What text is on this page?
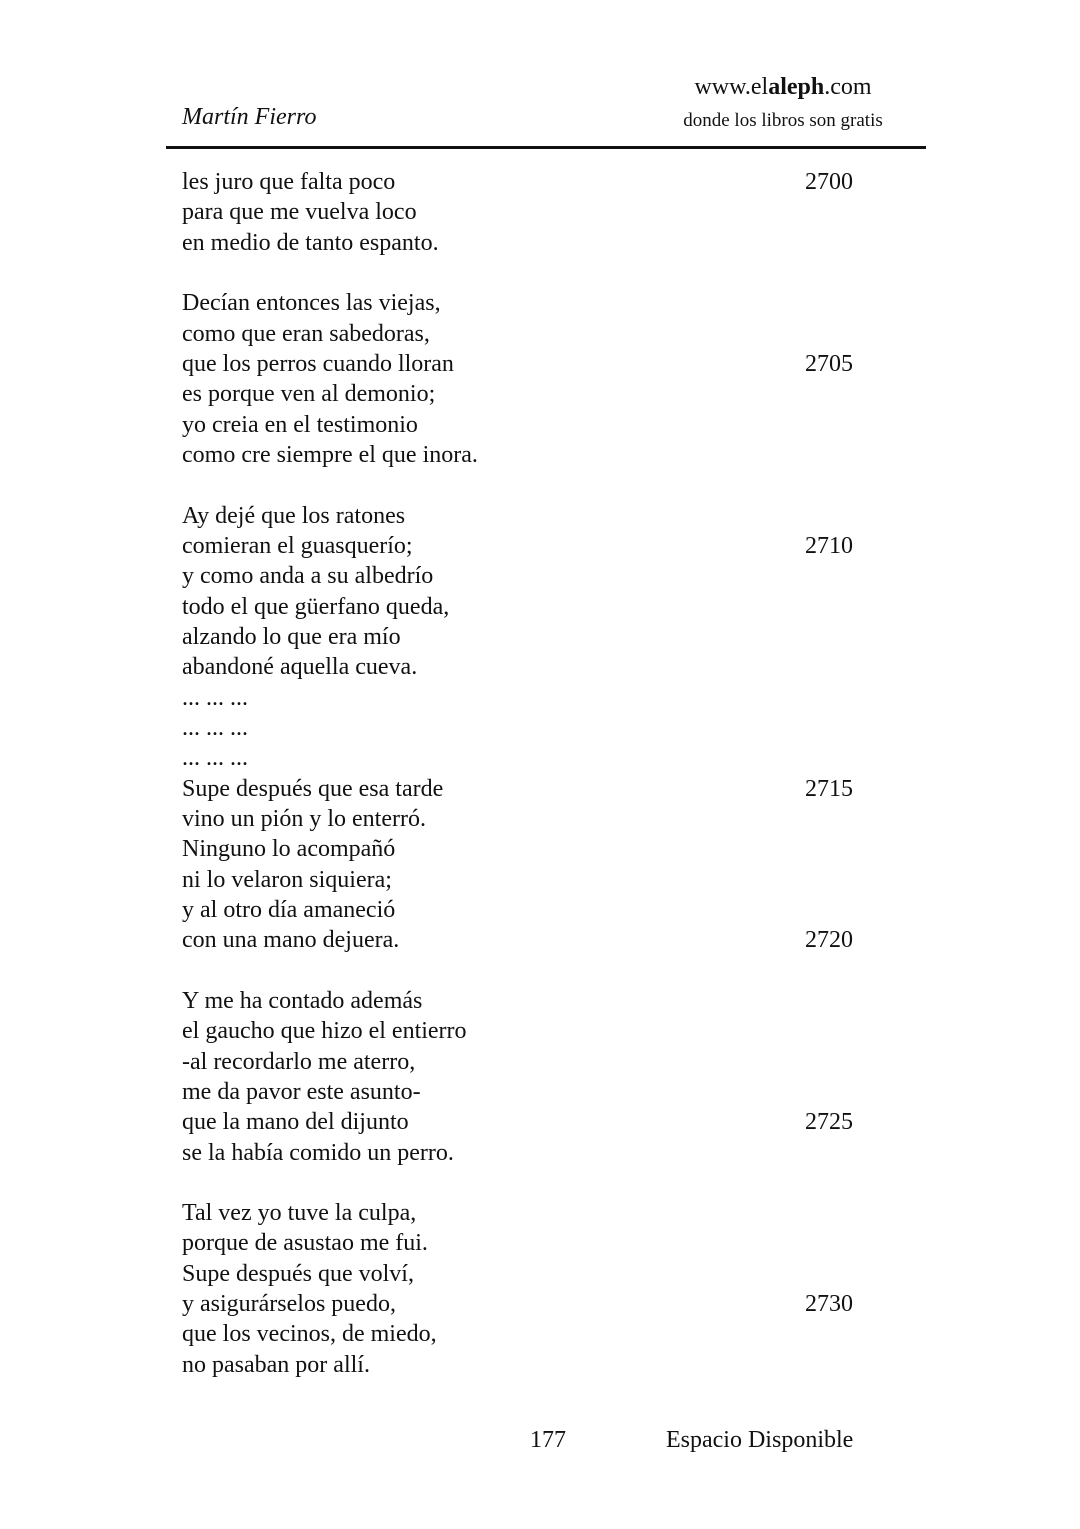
Martín Fierro
www.elaleph.com
donde los libros son gratis
les juro que falta poco	2700
para que me vuelva loco
en medio de tanto espanto.
Decían entonces las viejas,
como que eran sabedoras,
que los perros cuando lloran	2705
es porque ven al demonio;
yo creia en el testimonio
como cre siempre el que inora.
Ay dejé que los ratones
comieran el guasquerío;	2710
y como anda a su albedrío
todo el que güerfano queda,
alzando lo que era mío
abandoné aquella cueva.
... ... ...
... ... ...
... ... ...
Supe después que esa tarde	2715
vino un pión y lo enterró.
Ninguno lo acompañó
ni lo velaron siquiera;
y al otro día amaneció
con una mano dejuera.	2720
Y me ha contado además
el gaucho que hizo el entierro
-al recordarlo me aterro,
me da pavor este asunto-
que la mano del dijunto	2725
se la había comido un perro.
Tal vez yo tuve la culpa,
porque de asustao me fui.
Supe después que volví,
y asigurárselos puedo,	2730
que los vecinos, de miedo,
no pasaban por allí.
177	Espacio Disponible
